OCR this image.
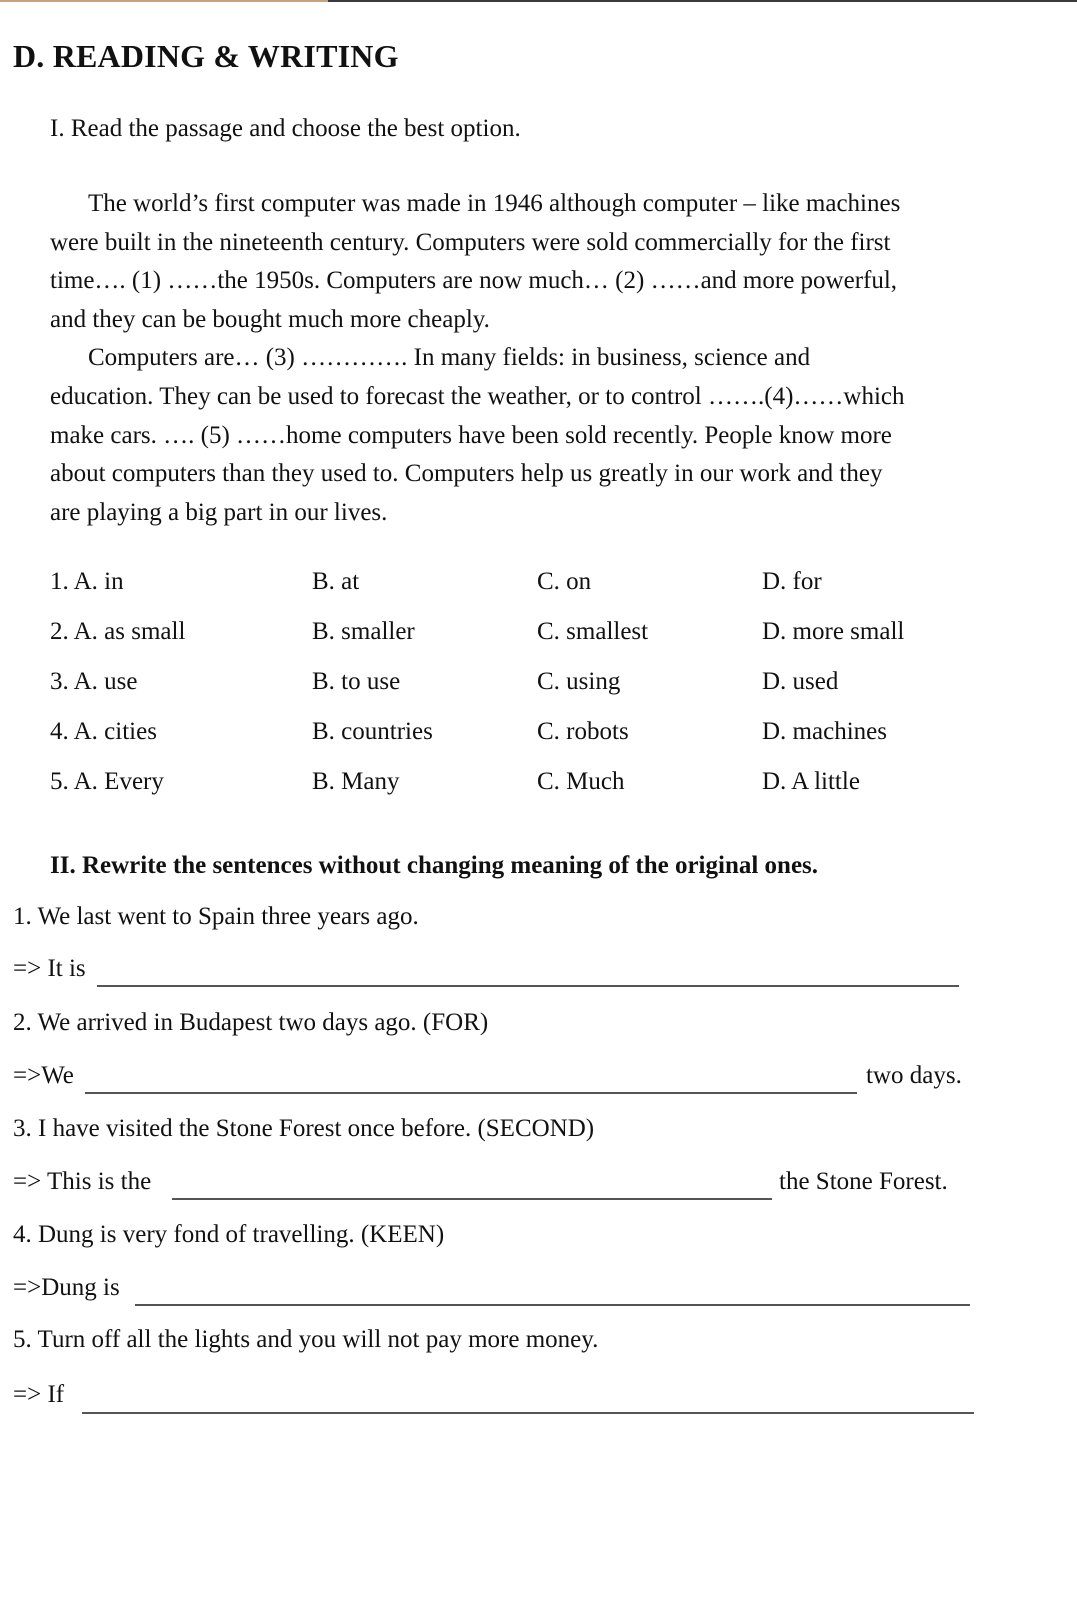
D. READING & WRITING
I. Read the passage and choose the best option.
The world’s first computer was made in 1946 although computer – like machines
were built in the nineteenth century. Computers were sold commercially for the first
time…. (1) ……the 1950s. Computers are now much… (2) ……and more powerful,
and they can be bought much more cheaply.
Computers are… (3) …………. In many fields: in business, science and
education. They can be used to forecast the weather, or to control …….(4)……which
make cars. …. (5) ……home computers have been sold recently. People know more
about computers than they used to. Computers help us greatly in our work and they
are playing a big part in our lives.
1. A. in	B. at	C. on	D. for
2. A. as small	B. smaller	C. smallest	D. more small
3. A. use	B. to use	C. using	D. used
4. A. cities	B. countries	C. robots	D. machines
5. A. Every	B. Many	C. Much	D. A little
II. Rewrite the sentences without changing meaning of the original ones.
1. We last went to Spain three years ago.
=> It is
2. We arrived in Budapest two days ago. (FOR)
=>We	two days.
3. I have visited the Stone Forest once before. (SECOND)
=> This is the	the Stone Forest.
4. Dung is very fond of travelling. (KEEN)
=>Dung is
5. Turn off all the lights and you will not pay more money.
=> If
